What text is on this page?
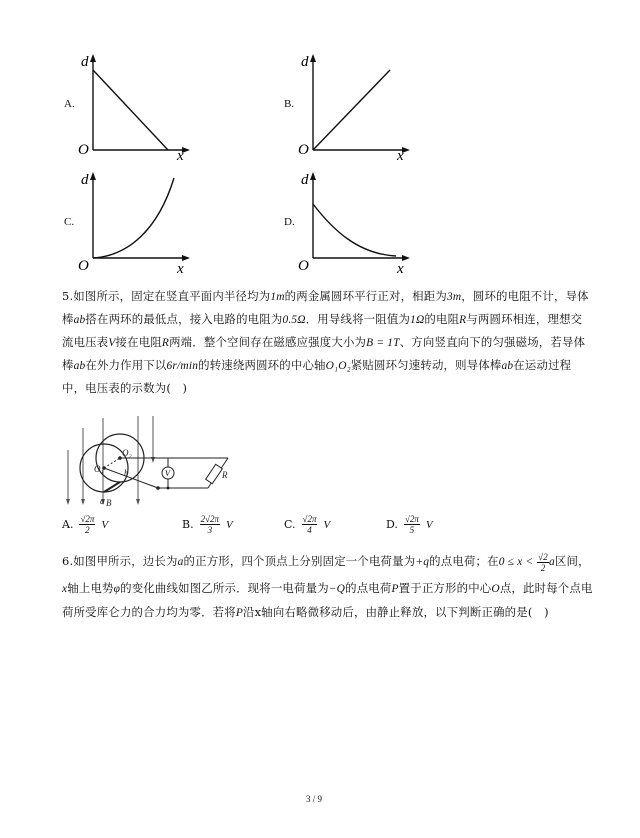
A.	B.
C.	D.
d
x
O
d
x
O
d
x
O
d
x
O
5.如图所示，固定在竖直平面内半径均为1m的两金属圆环平行正对，相距为3m，圆环的电阻不计，导体
棒ab搭在两环的最低点，接入电路的电阻为0.5Ω．用导线将一阻值为1Ω的电阻R与两圆环相连，理想交
流电压表V接在电阻R两端．整个空间存在磁感应强度大小为B = 1T、方向竖直向下的匀强磁场，若导体
棒ab在外力作用下以6r/min的转速绕两圆环的中心轴O₁O₂紧贴圆环匀速转动，则导体棒ab在运动过程
中，电压表的示数为(　)
V
O₂
O₁ b
a B
R
A. $\frac{√2\pi}{2}$ V	B. $\frac{2√2\pi}{3}$ V	C. $\frac{√2\pi}{4}$ V	D. $\frac{√2\pi}{5}$ V
6.如图甲所示，边长为a的正方形，四个顶点上分别固定一个电荷量为+q的点电荷；在$0 \le x < \frac{√2}{2}$ a区间，
x轴上电势φ的变化曲线如图乙所示．现将一电荷量为−Q的点电荷P置于正方形的中心O点，此时每个点电
荷所受库仑力的合力均为零．若将P沿x轴向右略微移动后，由静止释放，以下判断正确的是(　)
3 / 9
